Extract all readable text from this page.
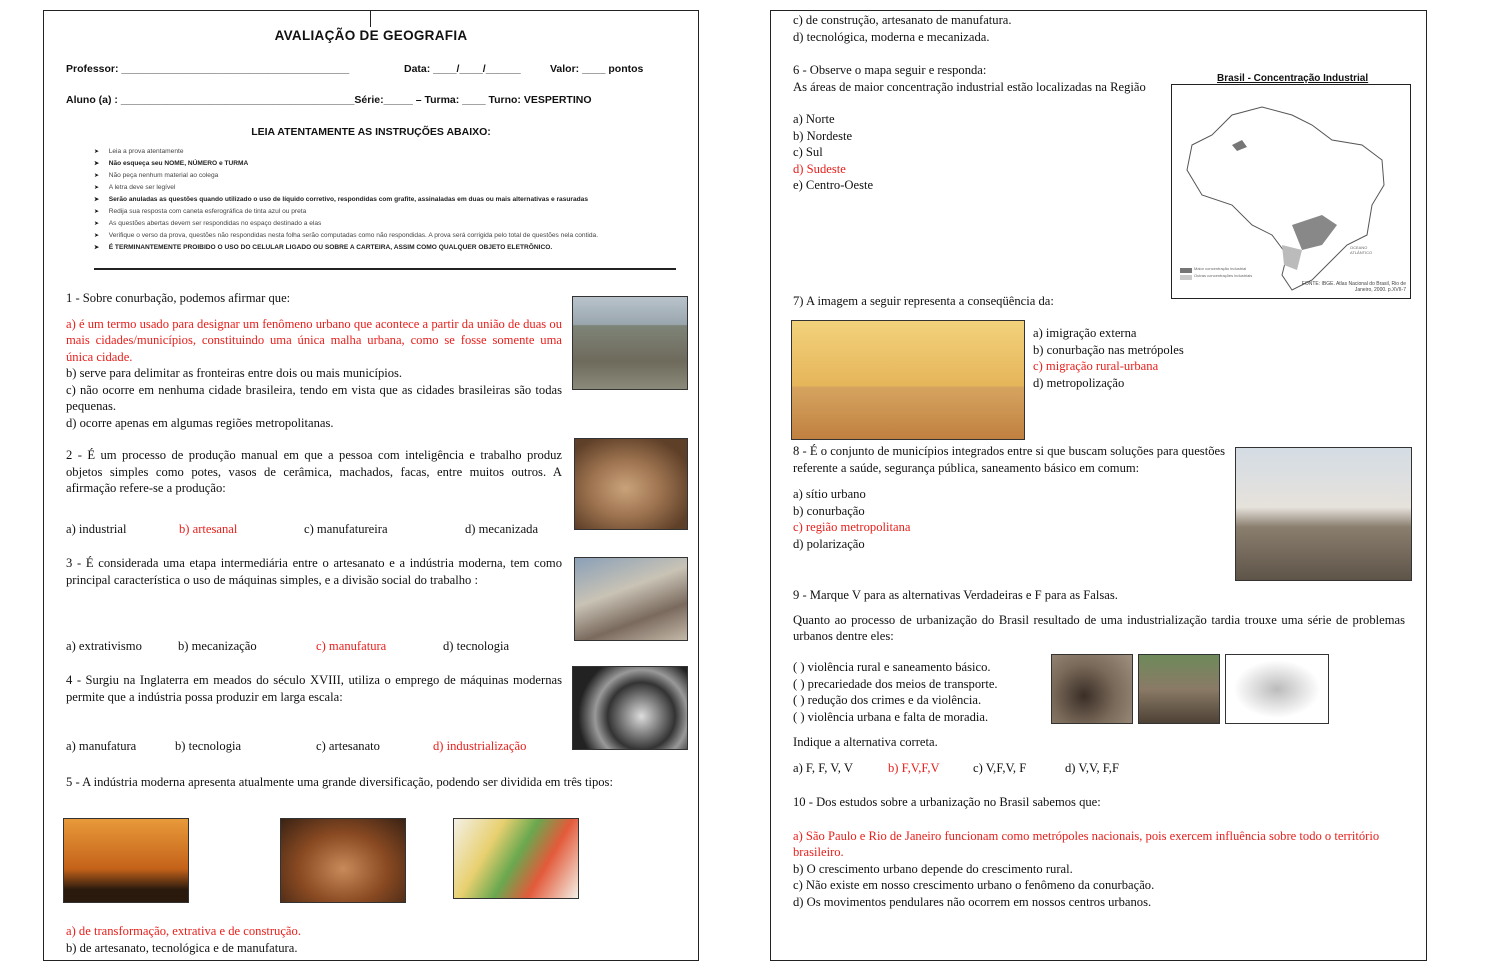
AVALIAÇÃO DE GEOGRAFIA
Professor: _______________________________________	Data: ____/____/______	Valor: ____ pontos
Aluno (a) : ________________________________________Série:_____ – Turma: ____ Turno: VESPERTINO
LEIA ATENTAMENTE AS INSTRUÇÕES ABAIXO:
➤ Leia a prova atentamente
➤ Não esqueça seu NOME, NÚMERO e TURMA
➤ Não peça nenhum material ao colega
➤ A letra deve ser legível
➤ Serão anuladas as questões quando utilizado o uso de líquido corretivo, respondidas com grafite, assinaladas em duas ou mais alternativas e rasuradas
➤ Redija sua resposta com caneta esferográfica de tinta azul ou preta
➤ As questões abertas devem ser respondidas no espaço destinado a elas
➤ Verifique o verso da prova, questões não respondidas nesta folha serão computadas como não respondidas. A prova será corrigida pelo total de questões nela contida.
➤ É TERMINANTEMENTE PROIBIDO O USO DO CELULAR LIGADO OU SOBRE A CARTEIRA, ASSIM COMO QUALQUER OBJETO ELETRÔNICO.

1 - Sobre conurbação, podemos afirmar que:

a) é um termo usado para designar um fenômeno urbano que acontece a partir da união de duas ou mais cidades/municípios, constituindo uma única malha urbana, como se fosse somente uma única cidade.

b) serve para delimitar as fronteiras entre dois ou mais municípios.

c) não ocorre em nenhuma cidade brasileira, tendo em vista que as cidades brasileiras são todas pequenas.

d) ocorre apenas em algumas regiões metropolitanas.

2 - É um processo de produção manual em que a pessoa com inteligência e trabalho produz objetos simples como potes, vasos de cerâmica, machados, facas, entre muitos outros. A afirmação refere-se a produção:

a) industrial	b) artesanal	c) manufatureira	d) mecanizada

3 - É considerada uma etapa intermediária entre o artesanato e a indústria moderna, tem como principal característica o uso de máquinas simples, e a divisão social do trabalho :

a) extrativismo	b) mecanização	c) manufatura	d) tecnologia

4 - Surgiu na Inglaterra em meados do século XVIII, utiliza o emprego de máquinas modernas permite que a indústria possa produzir em larga escala:

a) manufatura	b) tecnologia	c) artesanato	d) industrialização

5 - A indústria moderna apresenta atualmente uma grande diversificação, podendo ser dividida em três tipos:

a) de transformação, extrativa e de construção.

b) de artesanato, tecnológica e de manufatura.

c) de construção, artesanato de manufatura.

d) tecnológica, moderna e mecanizada.

6 - Observe o mapa seguir e responda:

As áreas de maior concentração industrial estão localizadas na Região

a) Norte

b) Nordeste

c) Sul

d) Sudeste

e) Centro-Oeste

Brasil - Concentração Industrial
Maior concentração industrial
Outras concentrações industriais
OCEANO ATLÂNTICO
FONTE: IBGE. Atlas Nacional do Brasil, Rio de Janeiro, 2000. p.XVII-7
7) A imagem a seguir representa a conseqüência da:

a) imigração externa

b) conurbação nas metrópoles

c) migração rural-urbana

d) metropolização

8 - É o conjunto de municípios integrados entre si que buscam soluções para questões referente a saúde, segurança pública, saneamento básico em comum:

a) sítio urbano

b) conurbação

c) região metropolitana

d) polarização

9 - Marque V para as alternativas Verdadeiras e F para as Falsas.

Quanto ao processo de urbanização do Brasil resultado de uma industrialização tardia trouxe uma série de problemas urbanos dentre eles:

( ) violência rural e saneamento básico.

( ) precariedade dos meios de transporte.

( ) redução dos crimes e da violência.

( ) violência urbana e falta de moradia.

Indique a alternativa correta.
a) F, F, V, V	b) F,V,F,V	c) V,F,V, F	d) V,V, F,F

10 - Dos estudos sobre a urbanização no Brasil sabemos que:

a) São Paulo e Rio de Janeiro funcionam como metrópoles nacionais, pois exercem influência sobre todo o território brasileiro.

b) O crescimento urbano depende do crescimento rural.

c) Não existe em nosso crescimento urbano o fenômeno da conurbação.

d) Os movimentos pendulares não ocorrem em nossos centros urbanos.
